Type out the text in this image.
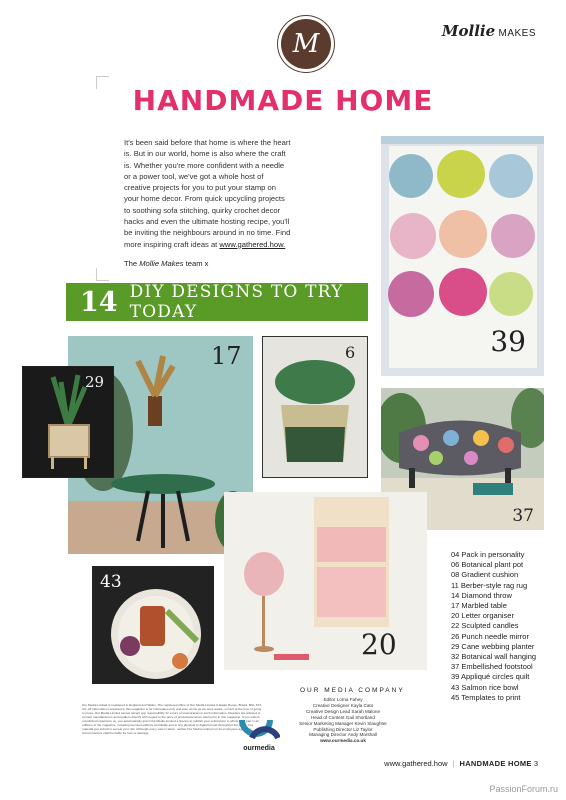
M	Mollie MAKES
HANDMADE HOME
It's been said before that home is where the heart is. But in our world, home is also where the craft is. Whether you're more confident with a needle or a power tool, we've got a whole host of creative projects for you to put your stamp on your home decor. From quick upcycling projects to soothing sofa stitching, quirky crochet decor hacks and even the ultimate hosting recipe, you'll be inviting the neighbours around in no time. Find more inspiring craft ideas at www.gathered.how.
The Mollie Makes team x
39
14 DIY DESIGNS TO TRY TODAY
17	6
29
37
43
20
04 Pack in personality
06 Botanical plant pot
08 Gradient cushion
11 Berber-style rag rug
14 Diamond throw
17 Marbled table
20 Letter organiser
22 Sculpted candles
26 Punch needle mirror
29 Cane webbing planter
32 Botanical wall hanging
37 Embellished footstool
39 Appliqué circles quilt
43 Salmon rice bowl
45 Templates to print
OUR MEDIA COMPANY
Editor Lorna Fahey
Creative Designer Kayla Cato
Creative Design Lead Sarah Malone
Head of Content Gail Shortland
Senior Marketing Manager Kevin Slaughter
Publishing Director Liz Taylor
Managing Director Andy Marshall
www.ourmedia.co.uk
Our Media Limited is registered in England and Wales. The registered office of Our Media Limited is Eagle House, Bristol, BS1 4ST, UK. All information contained in this magazine is for information only and was, as far as we were aware, correct at the time of going to press. Our Media Limited cannot accept any responsibility for errors or inaccuracies in such information. Readers are advised to contact manufacturers and retailers directly with regard to the price of products/services referred to in this magazine. If you submit unsolicited material to us, you automatically grant Our Media Limited a licence to publish your submission in whole or in part in all editions of the magazine, including licensed editions worldwide and in any physical or digital format throughout the world. Any material you submit is sent at your risk. Although every care is taken, neither Our Media Limited nor its employees agents or subcontractors shall be liable for loss or damage.
ourmedia
www.gathered.how | HANDMADE HOME 3
PassionForum.ru
